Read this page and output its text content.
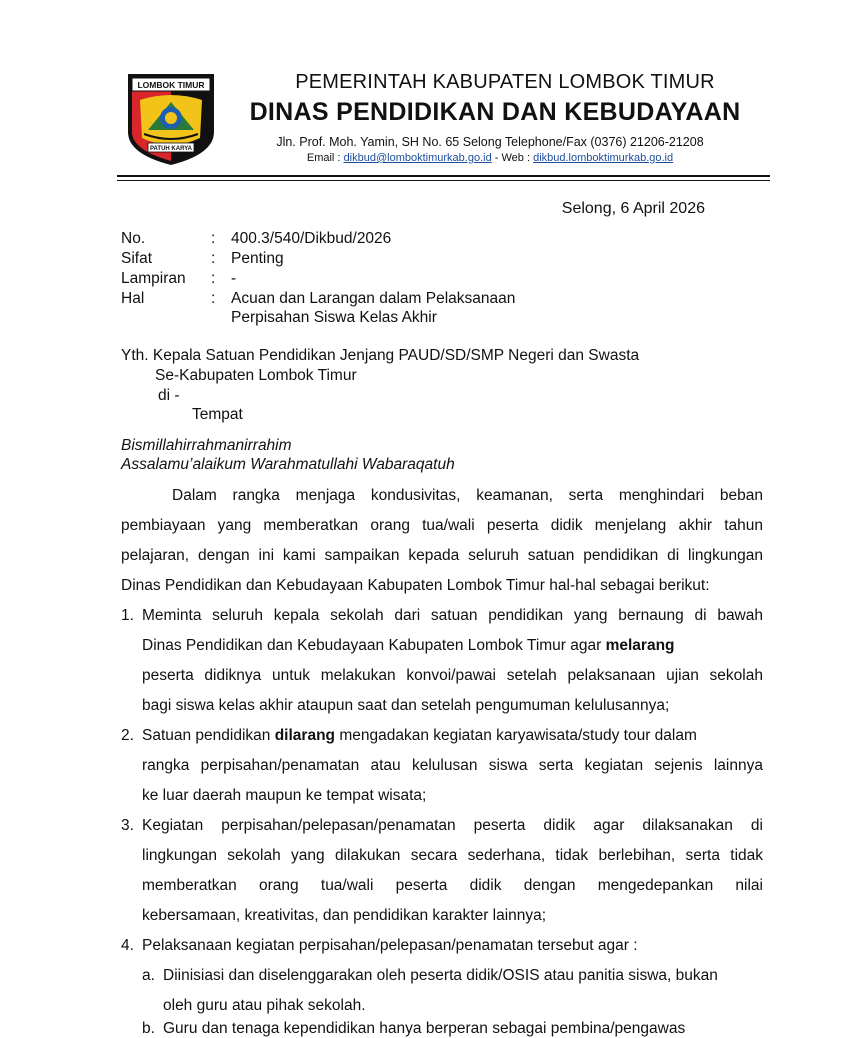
LOMBOK TIMUR
PATUH KARYA
PEMERINTAH KABUPATEN LOMBOK TIMUR
DINAS PENDIDIKAN DAN KEBUDAYAAN
Jln. Prof. Moh. Yamin, SH No. 65 Selong Telephone/Fax (0376) 21206-21208
Email : dikbud@lomboktimurkab.go.id - Web : dikbud.lomboktimurkab.go.id
Selong, 6 April 2026
No.	: 400.3/540/Dikbud/2026
Sifat	: Penting
Lampiran	: -
Hal	: Acuan dan Larangan dalam Pelaksanaan
Perpisahan Siswa Kelas Akhir
Yth. Kepala Satuan Pendidikan Jenjang PAUD/SD/SMP Negeri dan Swasta
Se-Kabupaten Lombok Timur
di -
Tempat
Bismillahirrahmanirrahim
Assalamu’alaikum Warahmatullahi Wabaraqatuh
Dalam rangka menjaga kondusivitas, keamanan, serta menghindari beban
pembiayaan yang memberatkan orang tua/wali peserta didik menjelang akhir tahun
pelajaran, dengan ini kami sampaikan kepada seluruh satuan pendidikan di lingkungan
Dinas Pendidikan dan Kebudayaan Kabupaten Lombok Timur hal-hal sebagai berikut:
1. Meminta seluruh kepala sekolah dari satuan pendidikan yang bernaung di bawah
Dinas Pendidikan dan Kebudayaan Kabupaten Lombok Timur agar melarang
peserta didiknya untuk melakukan konvoi/pawai setelah pelaksanaan ujian sekolah
bagi siswa kelas akhir ataupun saat dan setelah pengumuman kelulusannya;
2. Satuan pendidikan dilarang mengadakan kegiatan karyawisata/study tour dalam
rangka perpisahan/penamatan atau kelulusan siswa serta kegiatan sejenis lainnya
ke luar daerah maupun ke tempat wisata;
3. Kegiatan perpisahan/pelepasan/penamatan peserta didik agar dilaksanakan di
lingkungan sekolah yang dilakukan secara sederhana, tidak berlebihan, serta tidak
memberatkan orang tua/wali peserta didik dengan mengedepankan nilai
kebersamaan, kreativitas, dan pendidikan karakter lainnya;
4. Pelaksanaan kegiatan perpisahan/pelepasan/penamatan tersebut agar :
a. Diinisiasi dan diselenggarakan oleh peserta didik/OSIS atau panitia siswa, bukan
oleh guru atau pihak sekolah.
b. Guru dan tenaga kependidikan hanya berperan sebagai pembina/pengawas
